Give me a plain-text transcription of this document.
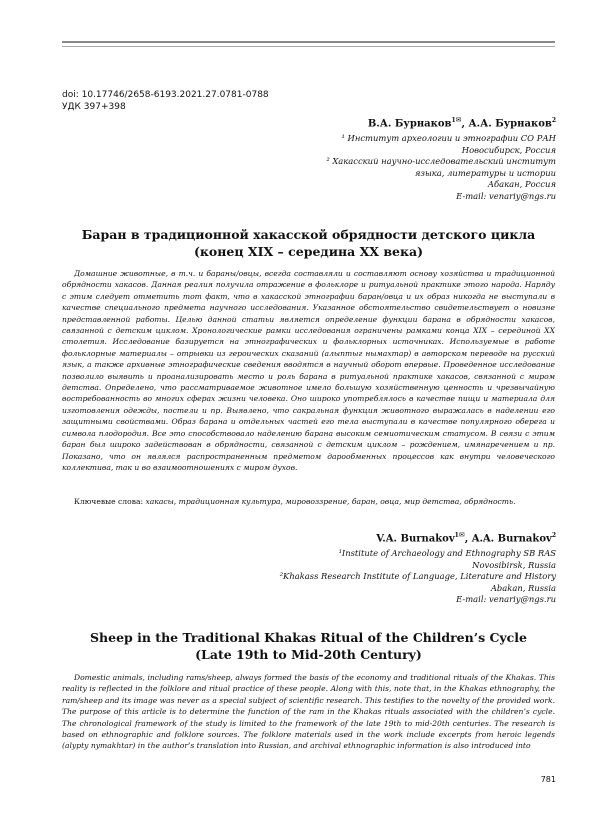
doi: 10.17746/2658-6193.2021.27.0781-0788
УДК 397+398
В.А. Бурнаков$^{1✉}$, А.А. Бурнаков$^2$
¹ Институт археологии и этнографии СО РАН
Новосибирск, Россия
² Хакасский научно-исследовательский институт
языка, литературы и истории
Абакан, Россия
E-mail: venariy@ngs.ru
Баран в традиционной хакасской обрядности детского цикла
(конец XIX – середина XX века)

Домашние животные, в т.ч. и бараны/овцы, всегда составляли и составляют основу хозяйства и традиционной обрядности хакасов. Данная реалия получила отражение в фольклоре и ритуальной практике этого народа. Наряду с этим следует отметить тот факт, что в хакасской этнографии баран/овца и их образ никогда не выступали в качестве специального предмета научного исследования. Указанное обстоятельство свидетельствует о новизне представленной работы. Целью данной статьи является определение функции барана в обрядности хакасов, связанной с детским циклом. Хронологические рамки исследования ограничены рамками конца XIX – серединой XX столетия. Исследование базируется на этнографических и фольклорных источниках. Используемые в работе фольклорные материалы – отрывки из героических сказаний (алыптыг нымахтар) в авторском переводе на русский язык, а также архивные этнографические сведения вводятся в научный оборот впервые. Проведенное исследование позволило выявить и проанализировать место и роль барана в ритуальной практике хакасов, связанной с миром детства. Определено, что рассматриваемое животное имело большую хозяйственную ценность и чрезвычайную востребованность во многих сферах жизни человека. Оно широко употреблялось в качестве пищи и материала для изготовления одежды, постели и пр. Выявлено, что сакральная функция животного выражалась в наделении его защитными свойствами. Образ барана и отдельных частей его тела выступали в качестве популярного оберега и символа плодородия. Все это способствовало наделению барана высоким семиотическим статусом. В связи с этим баран был широко задействован в обрядности, связанной с детским циклом – рождением, имянаречением и пр. Показано, что он являлся распространенным предметом дарообменных процессов как внутри человеческого коллектива, так и во взаимоотношениях с миром духов.

Ключевые слова: хакасы, традиционная культура, мировоззрение, баран, овца, мир детства, обрядность.
V.A. Burnakov$^{1✉}$, A.A. Burnakov$^2$
¹Institute of Archaeology and Ethnography SB RAS
Novosibirsk, Russia
²Khakass Research Institute of Language, Literature and History
Abakan, Russia
E-mail: venariy@ngs.ru
Sheep in the Traditional Khakas Ritual of the Children’s Cycle
(Late 19th to Mid-20th Century)

Domestic animals, including rams/sheep, always formed the basis of the economy and traditional rituals of the Khakas. This reality is reflected in the folklore and ritual practice of these people. Along with this, note that, in the Khakas ethnography, the ram/sheep and its image was never as a special subject of scientific research. This testifies to the novelty of the provided work. The purpose of this article is to determine the function of the ram in the Khakas rituals associated with the children’s cycle. The chronological framework of the study is limited to the framework of the late 19th to mid-20th centuries. The research is based on ethnographic and folklore sources. The folklore materials used in the work include excerpts from heroic legends (alypty nymakhtar) in the author’s translation into Russian, and archival ethnographic information is also introduced into

781
